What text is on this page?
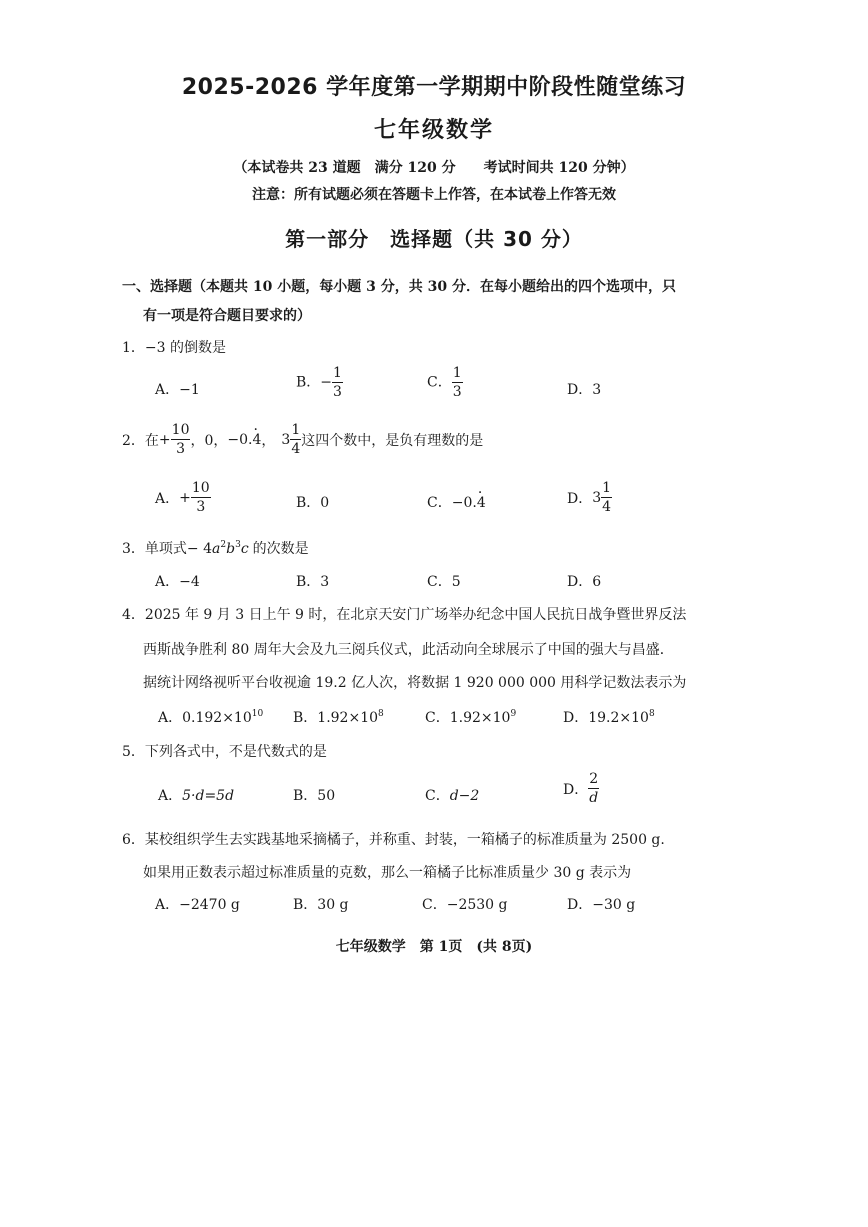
2025-2026 学年度第一学期期中阶段性随堂练习
七年级数学
（本试卷共 23 道题　满分 120 分　　考试时间共 120 分钟）
注意：所有试题必须在答题卡上作答，在本试卷上作答无效
第一部分　选择题（共 30 分）
一、选择题（本题共 10 小题，每小题 3 分，共 30 分．在每小题给出的四个选项中，只
有一项是符合题目要求的）
1．−3 的倒数是
A．−1	B．− $\frac{1}{3}$	C． $\frac{1}{3}$	D．3
2．在 + $\frac{10}{3}$ ，0， −0. 4 · ， $3 \frac{1}{4}$ 这四个数中，是负有理数的是
A． + $\frac{10}{3}$	B．0	C．−0.4 ·	D． $3 \frac{1}{4}$
3．单项式− $4a^2b^3c$ 的次数是
A．−4	B．3	C．5	D．6
4．2025 年 9 月 3 日上午 9 时，在北京天安门广场举办纪念中国人民抗日战争暨世界反法
西斯战争胜利 80 周年大会及九三阅兵仪式，此活动向全球展示了中国的强大与昌盛．
据统计网络视听平台收视逾 19.2 亿人次，将数据 1 920 000 000 用科学记数法表示为
A．$0.192\times 10^{10}$ B．$1.92\times 10^8$	C．$1.92\times 10^9$	D．$19.2\times 10^8$
5．下列各式中，不是代数式的是
A．5·d=5d	B．50	C．d−2	D． $\frac{2}{d}$
6．某校组织学生去实践基地采摘橘子，并称重、封装，一箱橘子的标准质量为 2500 g.
如果用正数表示超过标准质量的克数，那么一箱橘子比标准质量少 30 g 表示为
A．−2470 g	B．30 g	C．−2530 g	D．−30 g
七年级数学　第 1页　(共 8页)
